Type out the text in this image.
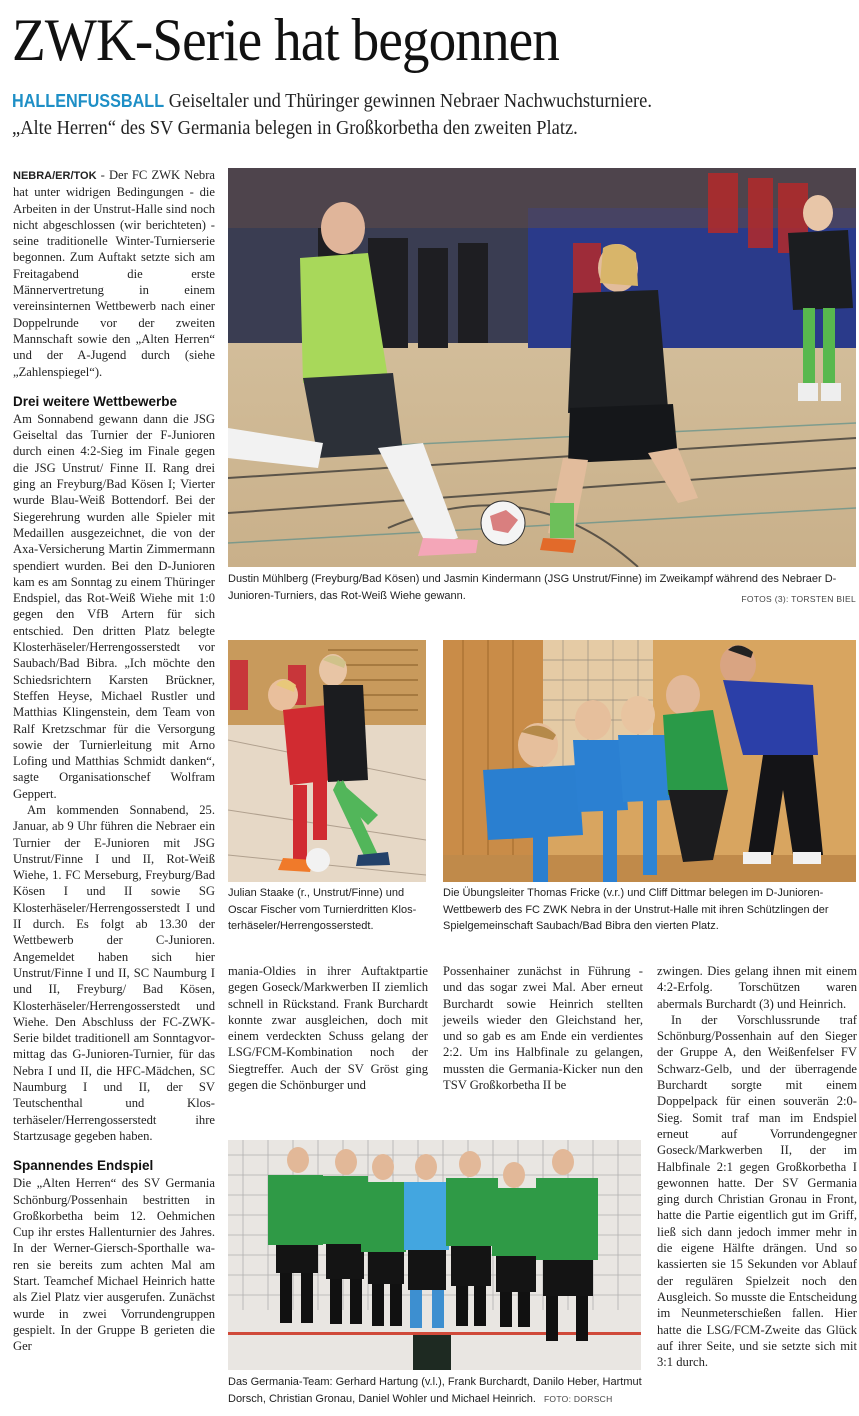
ZWK-Serie hat begonnen
HALLENFUSSBALL Geiseltaler und Thüringer gewinnen Nebraer Nachwuchsturniere.
„Alte Herren“ des SV Germania belegen in Großkorbetha den zweiten Platz.

NEBRA/ER/TOK - Der FC ZWK Nebra hat unter widrigen Bedingungen - die Arbeiten in der Unstrut-Halle sind noch nicht abgeschlossen (wir berichteten) - seine traditionelle Winter-Turnierserie begonnen. Zum Auftakt setzte sich am Freitagabend die erste Männervertretung in einem vereinsinternen Wettbewerb nach einer Doppelrunde vor der zweiten Mannschaft sowie den „Alten Herren“ und der A-Jugend durch (siehe „Zahlenspiegel“).

Drei weitere Wettbewerbe

Am Sonnabend gewann dann die JSG Geiseltal das Turnier der F-Junioren durch einen 4:2-Sieg im Finale gegen die JSG Unstrut/ Finne II. Rang drei ging an Freyburg/Bad Kösen I; Vierter wurde Blau-Weiß Bottendorf. Bei der Siegerehrung wurden alle Spieler mit Medaillen ausgezeichnet, die von der Axa-Versicherung Martin Zimmermann spendiert wurden. Bei den D-Junioren kam es am Sonntag zu einem Thüringer Endspiel, das Rot-Weiß Wiehe mit 1:0 gegen den VfB Artern für sich entschied. Den dritten Platz belegte Klosterhäseler/Herrengosserstedt vor Saubach/Bad Bibra. „Ich möchte den Schiedsrichtern Karsten Brückner, Steffen Heyse, Michael Rustler und Matthias Klingenstein, dem Team von Ralf Kretzschmar für die Versorgung sowie der Turnierleitung mit Arno Lofing und Matthias Schmidt danken“, sagte Organisationschef Wolfram Geppert.

Am kommenden Sonnabend, 25. Januar, ab 9 Uhr führen die Nebraer ein Turnier der E-Junioren mit JSG Unstrut/Finne I und II, Rot-Weiß Wiehe, 1. FC Merseburg, Freyburg/Bad Kösen I und II sowie SG Klosterhäseler/Herrengosserstedt I und II durch. Es folgt ab 13.30 der Wettbewerb der C-Junioren. Angemeldet haben sich hier Unstrut/Finne I und II, SC Naumburg I und II, Freyburg/ Bad Kösen, Klosterhäseler/Herrengosserstedt und Wiehe. Den Abschluss der FC-ZWK-Serie bildet traditionell am Sonntagvormittag das G-Junioren-Turnier, für das Nebra I und II, die HFC-Mädchen, SC Naumburg I und II, der SV Teutschenthal und Klosterhäseler/Herrengosserstedt ihre Startzusage gegeben haben.

Spannendes Endspiel

Die „Alten Herren“ des SV Germania Schönburg/Possenhain bestritten in Großkorbetha beim 12. Oehmichen Cup ihr erstes Hallenturnier des Jahres. In der Werner-Giersch-Sporthalle waren sie bereits zum achten Mal am Start. Teamchef Michael Heinrich hatte als Ziel Platz vier ausgerufen. Zunächst wurde in zwei Vorrundengruppen gespielt. In der Gruppe B gerieten die Ger

Dustin Mühlberg (Freyburg/Bad Kösen) und Jasmin Kindermann (JSG Unstrut/Finne) im Zweikampf während des Nebraer D-Junioren-Turniers, das Rot-Weiß Wiehe gewann.	FOTOS (3): TORSTEN BIEL
Julian Staake (r., Unstrut/Finne) und Oscar Fischer vom Turnierdritten Klosterhäseler/Herrengosserstedt.
Die Übungsleiter Thomas Fricke (v.r.) und Cliff Dittmar belegen im D-Junioren-Wettbewerb des FC ZWK Nebra in der Unstrut-Halle mit ihren Schützlingen der Spielgemeinschaft Saubach/Bad Bibra den vierten Platz.

mania-Oldies in ihrer Auftaktpartie gegen Goseck/Markwerben II ziemlich schnell in Rückstand. Frank Burchardt konnte zwar ausgleichen, doch mit einem verdeckten Schuss gelang der LSG/FCM-Kombination noch der Siegtreffer. Auch der SV Gröst ging gegen die Schönburger und

Possenhainer zunächst in Führung - und das sogar zwei Mal. Aber erneut Burchardt sowie Heinrich stellten jeweils wieder den Gleichstand her, und so gab es am Ende ein verdientes 2:2. Um ins Halbfinale zu gelangen, mussten die Germania-Kicker nun den TSV Großkorbetha II be

zwingen. Dies gelang ihnen mit einem 4:2-Erfolg. Torschützen waren abermals Burchardt (3) und Heinrich.

In der Vorschlussrunde traf Schönburg/Possenhain auf den Sieger der Gruppe A, den Weißenfelser FV Schwarz-Gelb, und der überragende Burchardt sorgte mit einem Doppelpack für einen souverän 2:0-Sieg. Somit traf man im Endspiel erneut auf Vorrundengegner Goseck/Markwerben II, der im Halbfinale 2:1 gegen Großkorbetha I gewonnen hatte. Der SV Germania ging durch Christian Gronau in Front, hatte die Partie eigentlich gut im Griff, ließ sich dann jedoch immer mehr in die eigene Hälfte drängen. Und so kassierten sie 15 Sekunden vor Ablauf der regulären Spielzeit noch den Ausgleich. So musste die Entscheidung im Neunmeterschießen fallen. Hier hatte die LSG/FCM-Zweite das Glück auf ihrer Seite, und sie setzte sich mit 3:1 durch.

Das Germania-Team: Gerhard Hartung (v.l.), Frank Burchardt, Danilo Heber, Hartmut Dorsch, Christian Gronau, Daniel Wohler und Michael Heinrich. FOTO: DORSCH
